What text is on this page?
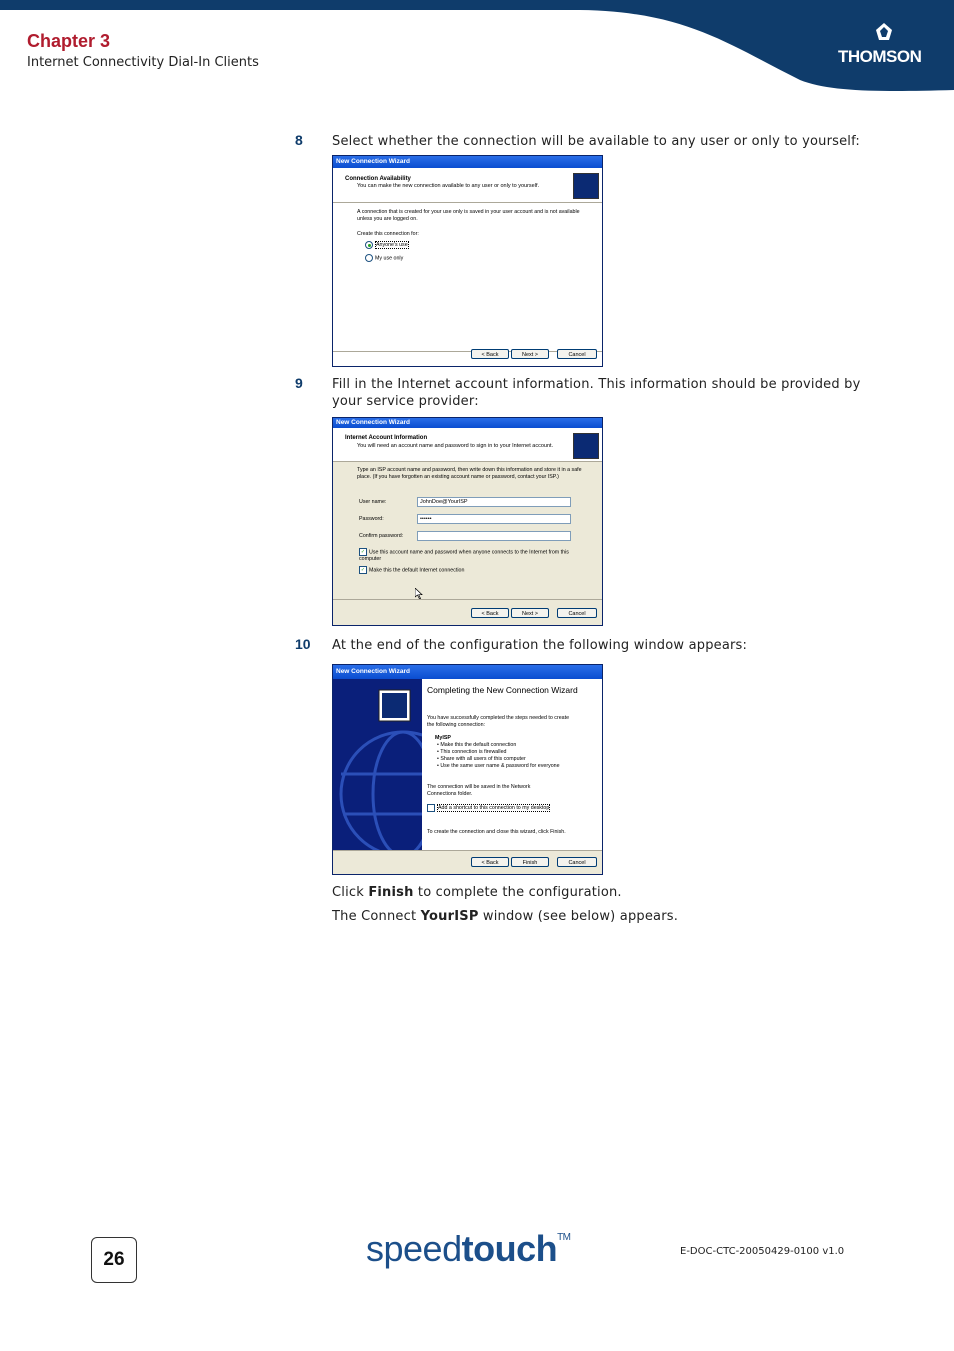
Chapter 3
Internet Connectivity Dial-In Clients	THOMSON
8 Select whether the connection will be available to any user or only to yourself:
New Connection Wizard
Connection Availability
You can make the new connection available to any user or only to yourself.
A connection that is created for your use only is saved in your user account and is not available unless you are logged on.
Create this connection for:
Anyone's use
My use only
< Back	Next >	Cancel
9 Fill in the Internet account information. This information should be provided by your service provider:
New Connection Wizard
Internet Account Information
You will need an account name and password to sign in to your Internet account.
Type an ISP account name and password, then write down this information and store it in a safe place. (If you have forgotten an existing account name or password, contact your ISP.)
User name:	JohnDoe@YourISP
Password:	••••••
Confirm password:
✓ Use this account name and password when anyone connects to the Internet from this computer
✓ Make this the default Internet connection
< Back	Next >	Cancel
10 At the end of the configuration the following window appears:
New Connection Wizard
Completing the New Connection Wizard
You have successfully completed the steps needed to create the following connection:
MyISP
• Make this the default connection
• This connection is firewalled
• Share with all users of this computer
• Use the same user name & password for everyone
The connection will be saved in the Network Connections folder.
Add a shortcut to this connection to my desktop
To create the connection and close this wizard, click Finish.
< Back	Finish	Cancel
Click Finish to complete the configuration.
The Connect YourISP window (see below) appears.
26	speedtouch™
E-DOC-CTC-20050429-0100 v1.0
